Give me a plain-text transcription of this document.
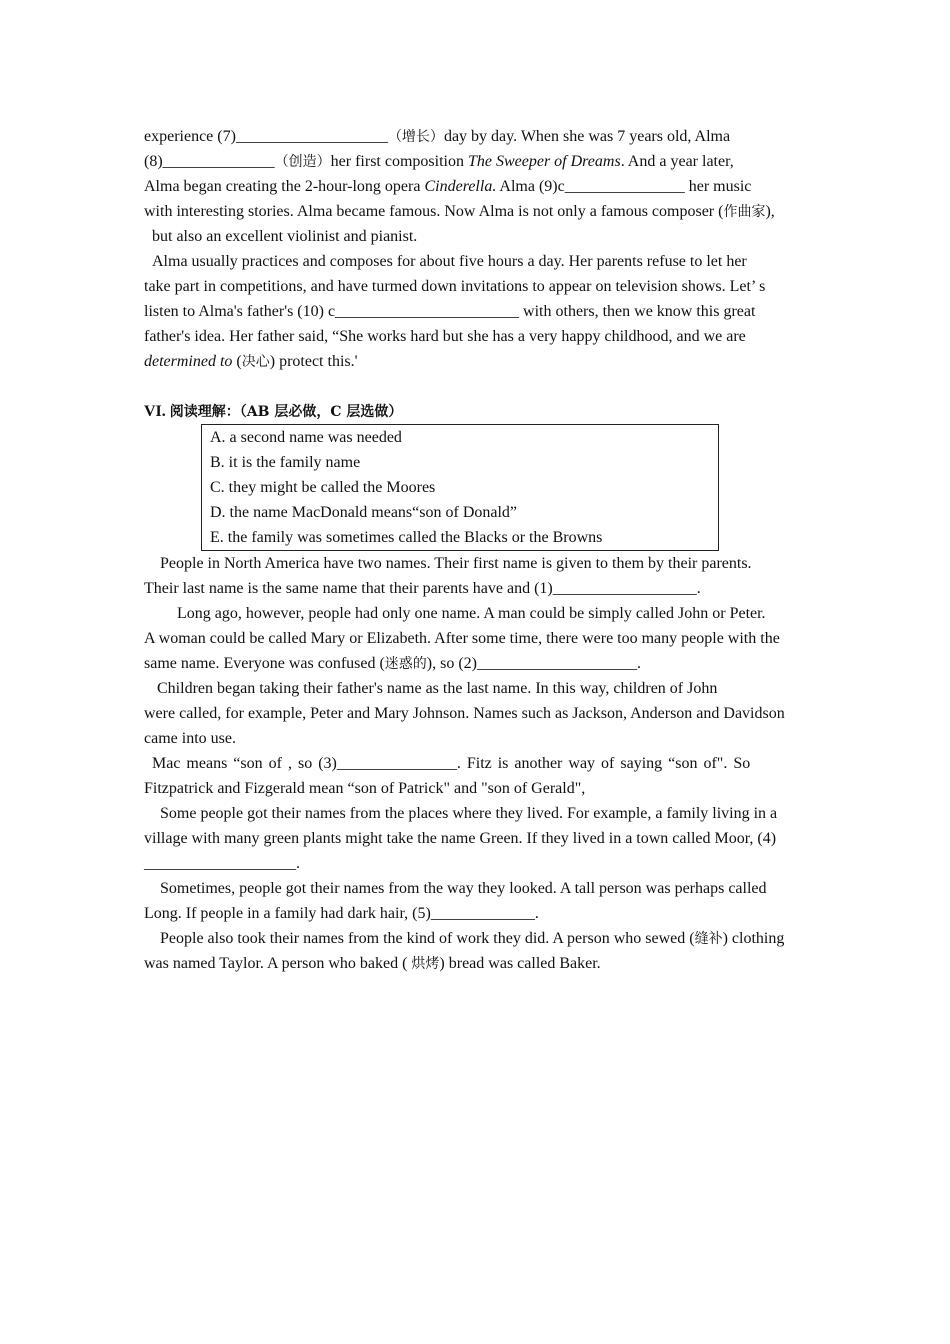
experience (7)___________________（增长）day by day. When she was 7 years old, Alma
(8)______________（创造）her first composition The Sweeper of Dreams. And a year later,
Alma began creating the 2-hour-long opera Cinderella. Alma (9)c_______________ her music
with interesting stories. Alma became famous. Now Alma is not only a famous composer (作曲家),
but also an excellent violinist and pianist.
Alma usually practices and composes for about five hours a day. Her parents refuse to let her
take part in competitions, and have turmed down invitations to appear on television shows. Let’ s
listen to Alma's father's (10) c_______________________ with others, then we know this great
father's idea. Her father said, “She works hard but she has a very happy childhood, and we are
determined to (决心) protect this.'
VI. 阅读理解：（AB 层必做，C 层选做）
A. a second name was needed
B. it is the family name
C. they might be called the Moores
D. the name MacDonald means“son of Donald”
E. the family was sometimes called the Blacks or the Browns
People in North America have two names. Their first name is given to them by their parents.
Their last name is the same name that their parents have and (1)__________________.
Long ago, however, people had only one name. A man could be simply called John or Peter.
A woman could be called Mary or Elizabeth. After some time, there were too many people with the
same name. Everyone was confused (迷惑的), so (2)____________________.
Children began taking their father's name as the last name. In this way, children of John
were called, for example, Peter and Mary Johnson. Names such as Jackson, Anderson and Davidson
came into use.
Mac means “son of , so (3)_______________. Fitz is another way of saying “son of". So
Fitzpatrick and Fizgerald mean “son of Patrick" and "son of Gerald",
Some people got their names from the places where they lived. For example, a family living in a
village with many green plants might take the name Green. If they lived in a town called Moor, (4)
___________________.
Sometimes, people got their names from the way they looked. A tall person was perhaps called
Long. If people in a family had dark hair, (5)_____________.
People also took their names from the kind of work they did. A person who sewed (缝补) clothing
was named Taylor. A person who baked ( 烘烤) bread was called Baker.
